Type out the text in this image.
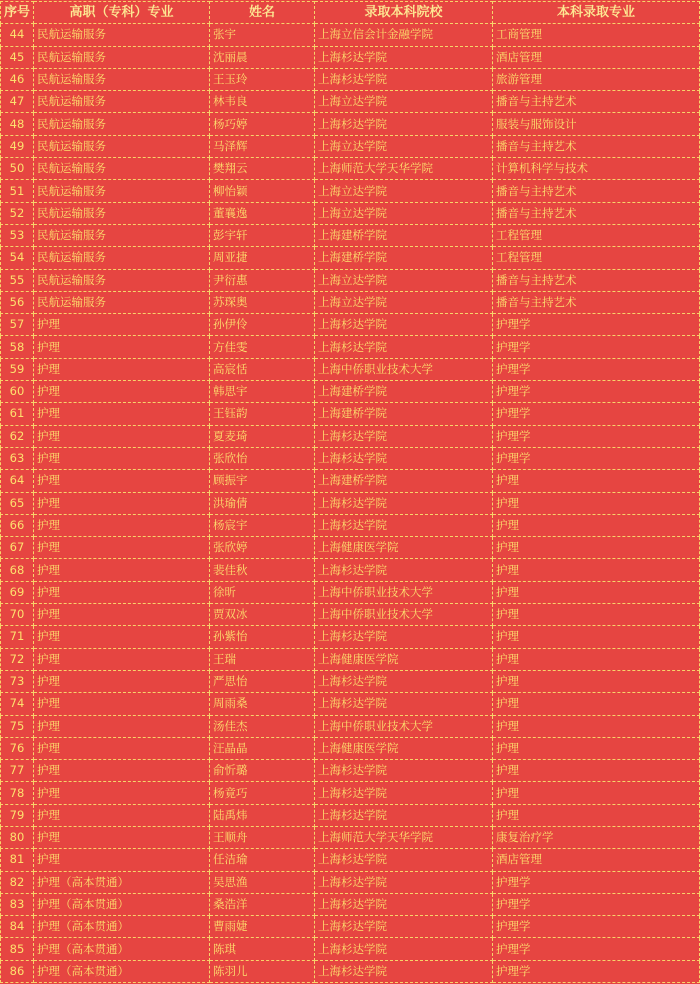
序号	高职（专科）专业	姓名	录取本科院校	本科录取专业
44	民航运输服务	张宇	上海立信会计金融学院	工商管理
45	民航运输服务	沈丽晨	上海杉达学院	酒店管理
46	民航运输服务	王玉玲	上海杉达学院	旅游管理
47	民航运输服务	林韦良	上海立达学院	播音与主持艺术
48	民航运输服务	杨巧婷	上海杉达学院	服装与服饰设计
49	民航运输服务	马泽辉	上海立达学院	播音与主持艺术
50	民航运输服务	樊翔云	上海师范大学天华学院	计算机科学与技术
51	民航运输服务	柳怡颖	上海立达学院	播音与主持艺术
52	民航运输服务	董襄逸	上海立达学院	播音与主持艺术
53	民航运输服务	彭宇轩	上海建桥学院	工程管理
54	民航运输服务	周亚捷	上海建桥学院	工程管理
55	民航运输服务	尹衍惠	上海立达学院	播音与主持艺术
56	民航运输服务	苏琛奥	上海立达学院	播音与主持艺术
57	护理	孙伊伶	上海杉达学院	护理学
58	护理	方佳雯	上海杉达学院	护理学
59	护理	高宸恬	上海中侨职业技术大学	护理学
60	护理	韩思宇	上海建桥学院	护理学
61	护理	王钰韵	上海建桥学院	护理学
62	护理	夏麦琦	上海杉达学院	护理学
63	护理	张欣怡	上海杉达学院	护理学
64	护理	顾振宇	上海建桥学院	护理
65	护理	洪瑜倩	上海杉达学院	护理
66	护理	杨宸宇	上海杉达学院	护理
67	护理	张欣婷	上海健康医学院	护理
68	护理	裴佳秋	上海杉达学院	护理
69	护理	徐昕	上海中侨职业技术大学	护理
70	护理	贾双冰	上海中侨职业技术大学	护理
71	护理	孙紫怡	上海杉达学院	护理
72	护理	王瑞	上海健康医学院	护理
73	护理	严思怡	上海杉达学院	护理
74	护理	周雨桑	上海杉达学院	护理
75	护理	汤佳杰	上海中侨职业技术大学	护理
76	护理	汪晶晶	上海健康医学院	护理
77	护理	俞忻璐	上海杉达学院	护理
78	护理	杨竟巧	上海杉达学院	护理
79	护理	陆禹炜	上海杉达学院	护理
80	护理	王顺舟	上海师范大学天华学院	康复治疗学
81	护理	任洁瑜	上海杉达学院	酒店管理
82	护理（高本贯通）	吴思渔	上海杉达学院	护理学
83	护理（高本贯通）	桑浩洋	上海杉达学院	护理学
84	护理（高本贯通）	曹雨婕	上海杉达学院	护理学
85	护理（高本贯通）	陈琪	上海杉达学院	护理学
86	护理（高本贯通）	陈羽儿	上海杉达学院	护理学
